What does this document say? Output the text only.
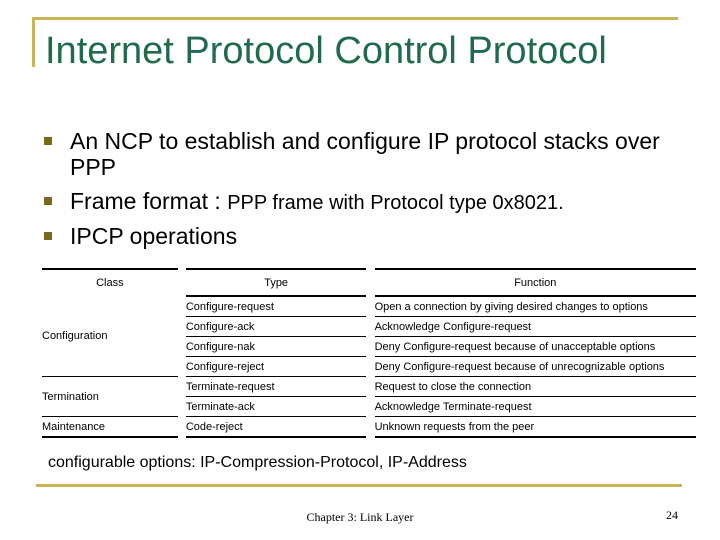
Internet Protocol Control Protocol
An NCP to establish and configure IP protocol stacks over PPP
Frame format : PPP frame with Protocol type 0x8021.
IPCP operations
Class		Type		Function
Configuration		Configure-request		Open a connection by giving desired changes to options
		Configure-ack		Acknowledge Configure-request
		Configure-nak		Deny Configure-request because of unacceptable options
		Configure-reject		Deny Configure-request because of unrecognizable options
Termination		Terminate-request		Request to close the connection
		Terminate-ack		Acknowledge Terminate-request
Maintenance		Code-reject		Unknown requests from the peer
configurable options: IP-Compression-Protocol, IP-Address
Chapter 3: Link Layer	24
